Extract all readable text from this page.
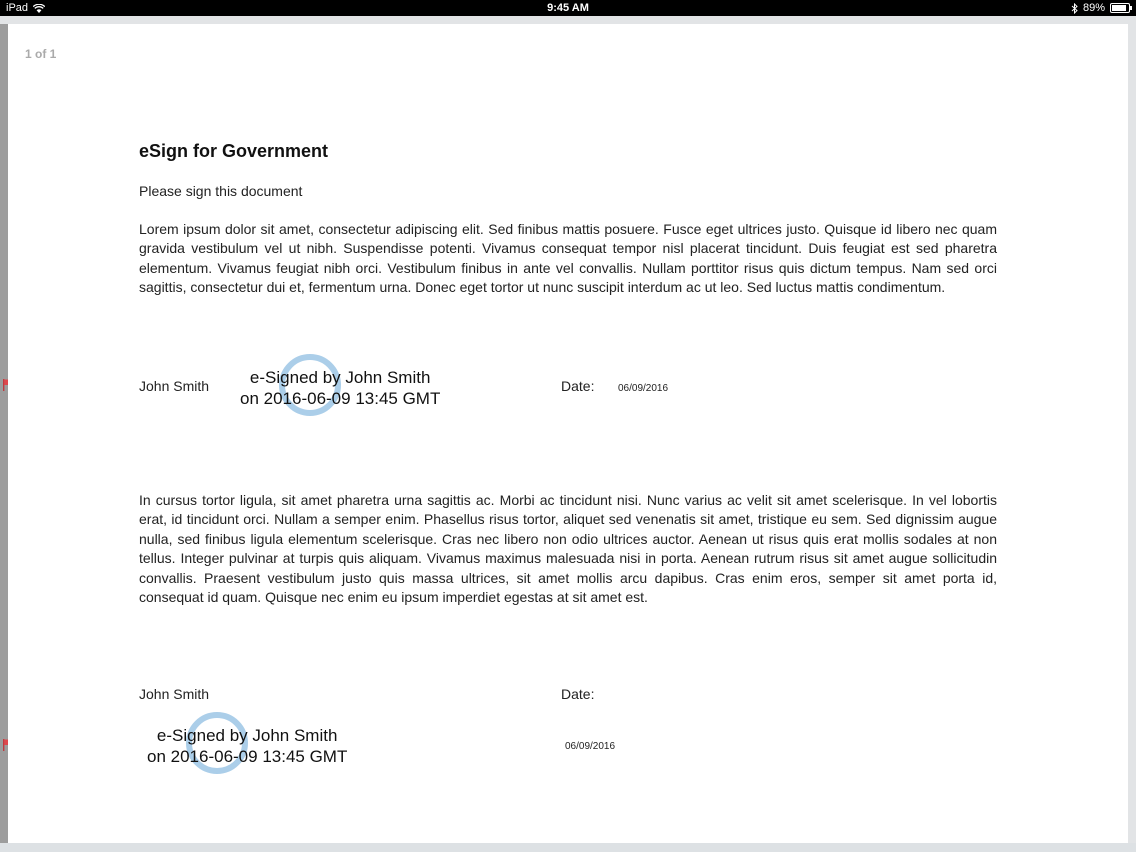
iPad	9:45 AM	89%
1 of 1
eSign for Government
Please sign this document
Lorem ipsum dolor sit amet, consectetur adipiscing elit. Sed finibus mattis posuere. Fusce eget ultrices justo. Quisque id libero nec quam gravida vestibulum vel ut nibh. Suspendisse potenti. Vivamus consequat tempor nisl placerat tincidunt. Duis feugiat est sed pharetra elementum. Vivamus feugiat nibh orci. Vestibulum finibus in ante vel convallis. Nullam porttitor risus quis dictum tempus. Nam sed orci sagittis, consectetur dui et, fermentum urna. Donec eget tortor ut nunc suscipit interdum ac ut leo. Sed luctus mattis condimentum.
John Smith	e-Signed by John Smith
on 2016-06-09 13:45 GMT
Date: 06/09/2016
In cursus tortor ligula, sit amet pharetra urna sagittis ac. Morbi ac tincidunt nisi. Nunc varius ac velit sit amet scelerisque. In vel lobortis erat, id tincidunt orci. Nullam a semper enim. Phasellus risus tortor, aliquet sed venenatis sit amet, tristique eu sem. Sed dignissim augue nulla, sed finibus ligula elementum scelerisque. Cras nec libero non odio ultrices auctor. Aenean ut risus quis erat mollis sodales at non tellus. Integer pulvinar at turpis quis aliquam. Vivamus maximus malesuada nisi in porta. Aenean rutrum risus sit amet augue sollicitudin convallis. Praesent vestibulum justo quis massa ultrices, sit amet mollis arcu dapibus. Cras enim eros, semper sit amet porta id, consequat id quam. Quisque nec enim eu ipsum imperdiet egestas at sit amet est.
John Smith	Date:
e-Signed by John Smith
on 2016-06-09 13:45 GMT
06/09/2016
